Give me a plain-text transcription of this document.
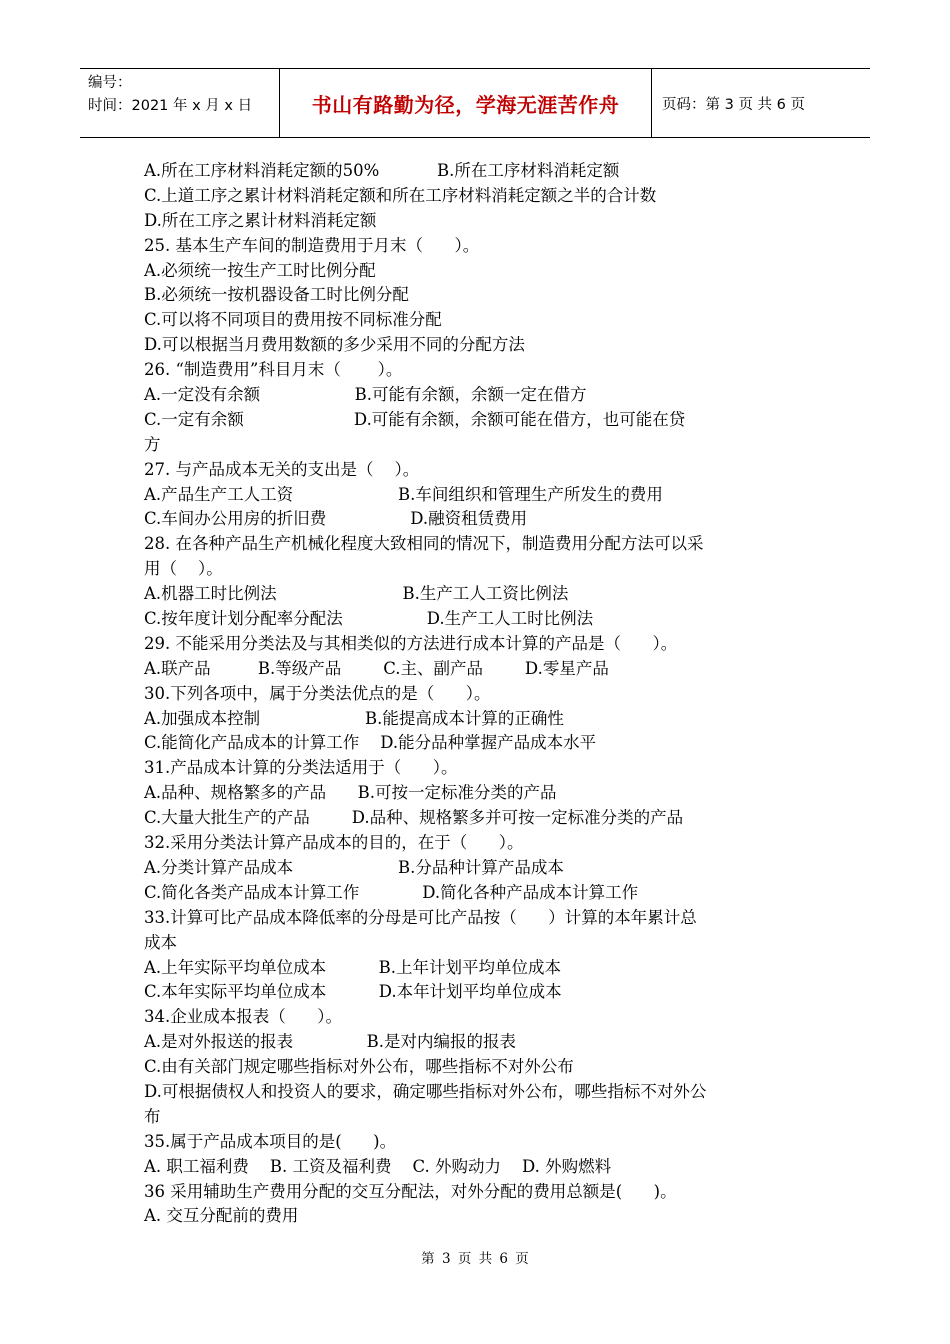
编号：
时间：2021 年 x 月 x 日	书山有路勤为径，学海无涯苦作舟	页码：第 3 页 共 6 页
A.所在工序材料消耗定额的50%           B.所在工序材料消耗定额
C.上道工序之累计材料消耗定额和所在工序材料消耗定额之半的合计数
D.所在工序之累计材料消耗定额
25. 基本生产车间的制造费用于月末（      ）。
A.必须统一按生产工时比例分配
B.必须统一按机器设备工时比例分配
C.可以将不同项目的费用按不同标准分配
D.可以根据当月费用数额的多少采用不同的分配方法
26. “制造费用”科目月末（       ）。
A.一定没有余额                  B.可能有余额，余额一定在借方
C.一定有余额                     D.可能有余额，余额可能在借方，也可能在贷
方
27. 与产品成本无关的支出是（    ）。
A.产品生产工人工资                    B.车间组织和管理生产所发生的费用
C.车间办公用房的折旧费                D.融资租赁费用
28. 在各种产品生产机械化程度大致相同的情况下，制造费用分配方法可以采
用（    ）。
A.机器工时比例法                        B.生产工人工资比例法
C.按年度计划分配率分配法                D.生产工人工时比例法
29. 不能采用分类法及与其相类似的方法进行成本计算的产品是（      ）。
A.联产品         B.等级产品        C.主、副产品        D.零星产品
30.下列各项中，属于分类法优点的是（      ）。
A.加强成本控制                    B.能提高成本计算的正确性
C.能简化产品成本的计算工作    D.能分品种掌握产品成本水平
31.产品成本计算的分类法适用于（      ）。
A.品种、规格繁多的产品      B.可按一定标准分类的产品
C.大量大批生产的产品        D.品种、规格繁多并可按一定标准分类的产品
32.采用分类法计算产品成本的目的，在于（      ）。
A.分类计算产品成本                    B.分品种计算产品成本
C.简化各类产品成本计算工作            D.简化各种产品成本计算工作
33.计算可比产品成本降低率的分母是可比产品按（      ）计算的本年累计总
成本
A.上年实际平均单位成本          B.上年计划平均单位成本
C.本年实际平均单位成本          D.本年计划平均单位成本
34.企业成本报表（      ）。
A.是对外报送的报表              B.是对内编报的报表
C.由有关部门规定哪些指标对外公布，哪些指标不对外公布
D.可根据债权人和投资人的要求，确定哪些指标对外公布，哪些指标不对外公
布
35.属于产品成本项目的是(      )。
A. 职工福利费    B. 工资及福利费    C. 外购动力    D. 外购燃料
36 采用辅助生产费用分配的交互分配法，对外分配的费用总额是(      )。
A. 交互分配前的费用
第 3 页 共 6 页
